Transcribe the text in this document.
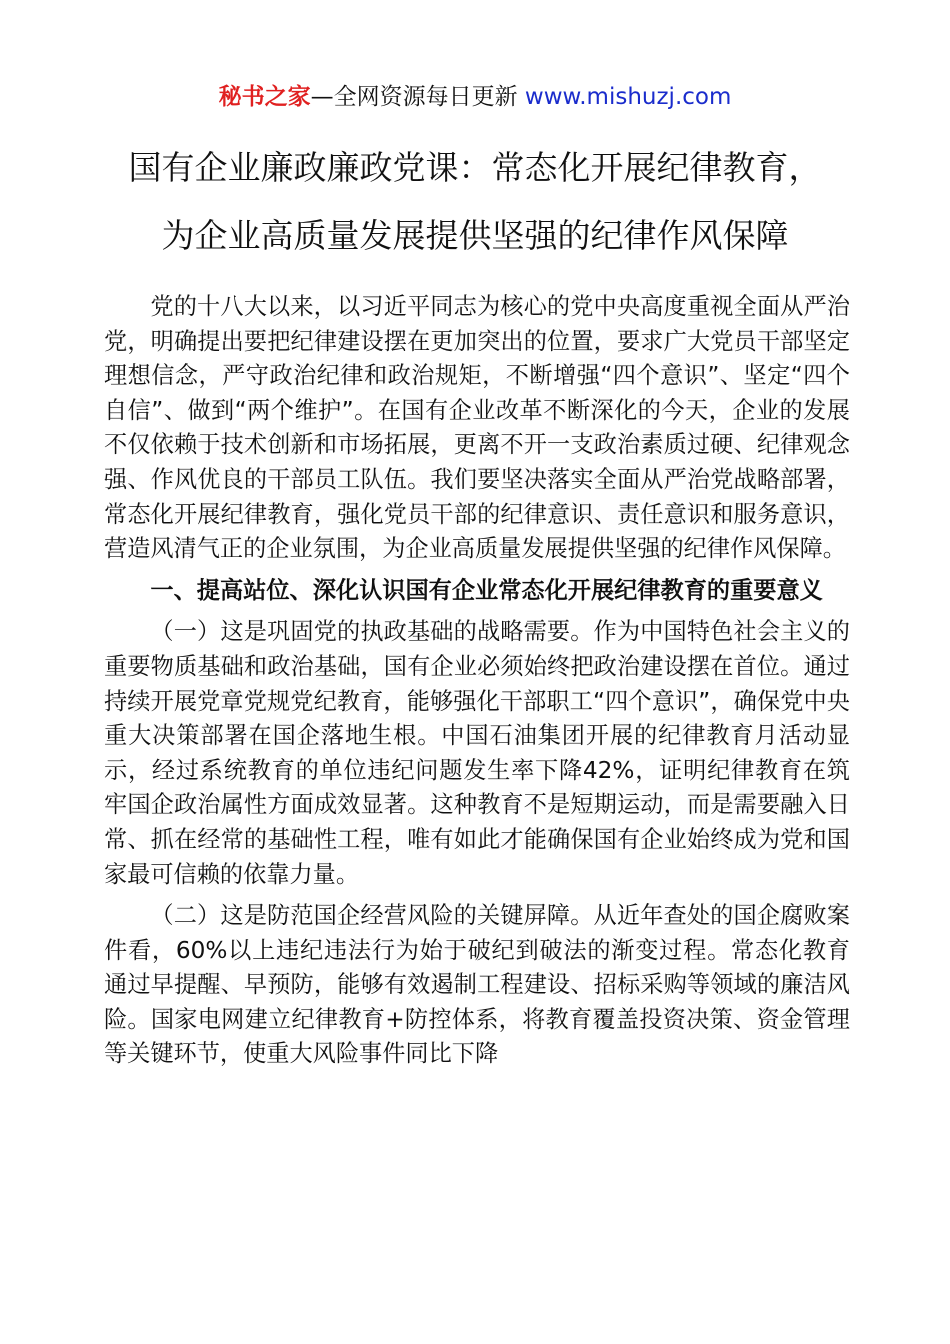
秘书之家—全网资源每日更新 www.mishuzj.com
国有企业廉政廉政党课：常态化开展纪律教育，
为企业高质量发展提供坚强的纪律作风保障

党的十八大以来，以习近平同志为核心的党中央高度重视全面从严治党，明确提出要把纪律建设摆在更加突出的位置，要求广大党员干部坚定理想信念，严守政治纪律和政治规矩，不断增强“四个意识”、坚定“四个自信”、做到“两个维护”。在国有企业改革不断深化的今天，企业的发展不仅依赖于技术创新和市场拓展，更离不开一支政治素质过硬、纪律观念强、作风优良的干部员工队伍。我们要坚决落实全面从严治党战略部署，常态化开展纪律教育，强化党员干部的纪律意识、责任意识和服务意识，营造风清气正的企业氛围，为企业高质量发展提供坚强的纪律作风保障。

一、提高站位、深化认识国有企业常态化开展纪律教育的重要意义

（一）这是巩固党的执政基础的战略需要。作为中国特色社会主义的重要物质基础和政治基础，国有企业必须始终把政治建设摆在首位。通过持续开展党章党规党纪教育，能够强化干部职工“四个意识”，确保党中央重大决策部署在国企落地生根。中国石油集团开展的纪律教育月活动显示，经过系统教育的单位违纪问题发生率下降42%，证明纪律教育在筑牢国企政治属性方面成效显著。这种教育不是短期运动，而是需要融入日常、抓在经常的基础性工程，唯有如此才能确保国有企业始终成为党和国家最可信赖的依靠力量。

（二）这是防范国企经营风险的关键屏障。从近年查处的国企腐败案件看，60%以上违纪违法行为始于破纪到破法的渐变过程。常态化教育通过早提醒、早预防，能够有效遏制工程建设、招标采购等领域的廉洁风险。国家电网建立纪律教育+防控体系，将教育覆盖投资决策、资金管理等关键环节，使重大风险事件同比下降
